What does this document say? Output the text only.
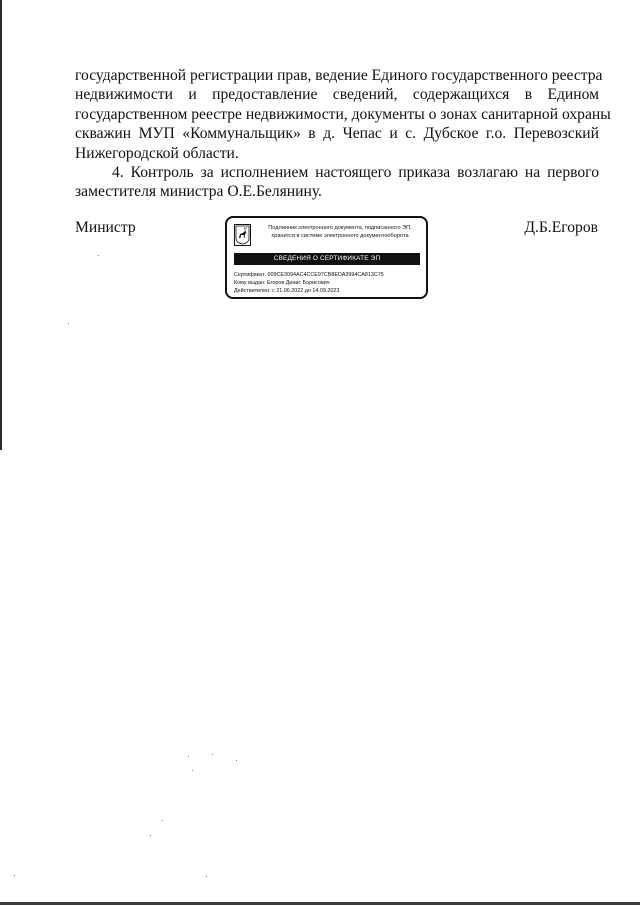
государственной регистрации прав, ведение Единого государственного реестра
недвижимости и предоставление сведений, содержащихся в Едином
государственном реестре недвижимости, документы о зонах санитарной охраны
скважин МУП «Коммунальщик» в д. Чепас и с. Дубское г.о. Перевозский
Нижегородской области.

4. Контроль за исполнением настоящего приказа возлагаю на первого
заместителя министра О.Е.Белянину.

Министр	Д.Б.Егоров
Подлинник электронного документа, подписанного ЭП,
хранится в системе электронного документооборота
СВЕДЕНИЯ О СЕРТИФИКАТЕ ЭП
Сертификат: 009CE3094AC4CCE97CB8EDA3994CA813C75
Кому выдан: Егоров Денис Борисович
Действителен: с 21.06.2022 до 14.09.2023
